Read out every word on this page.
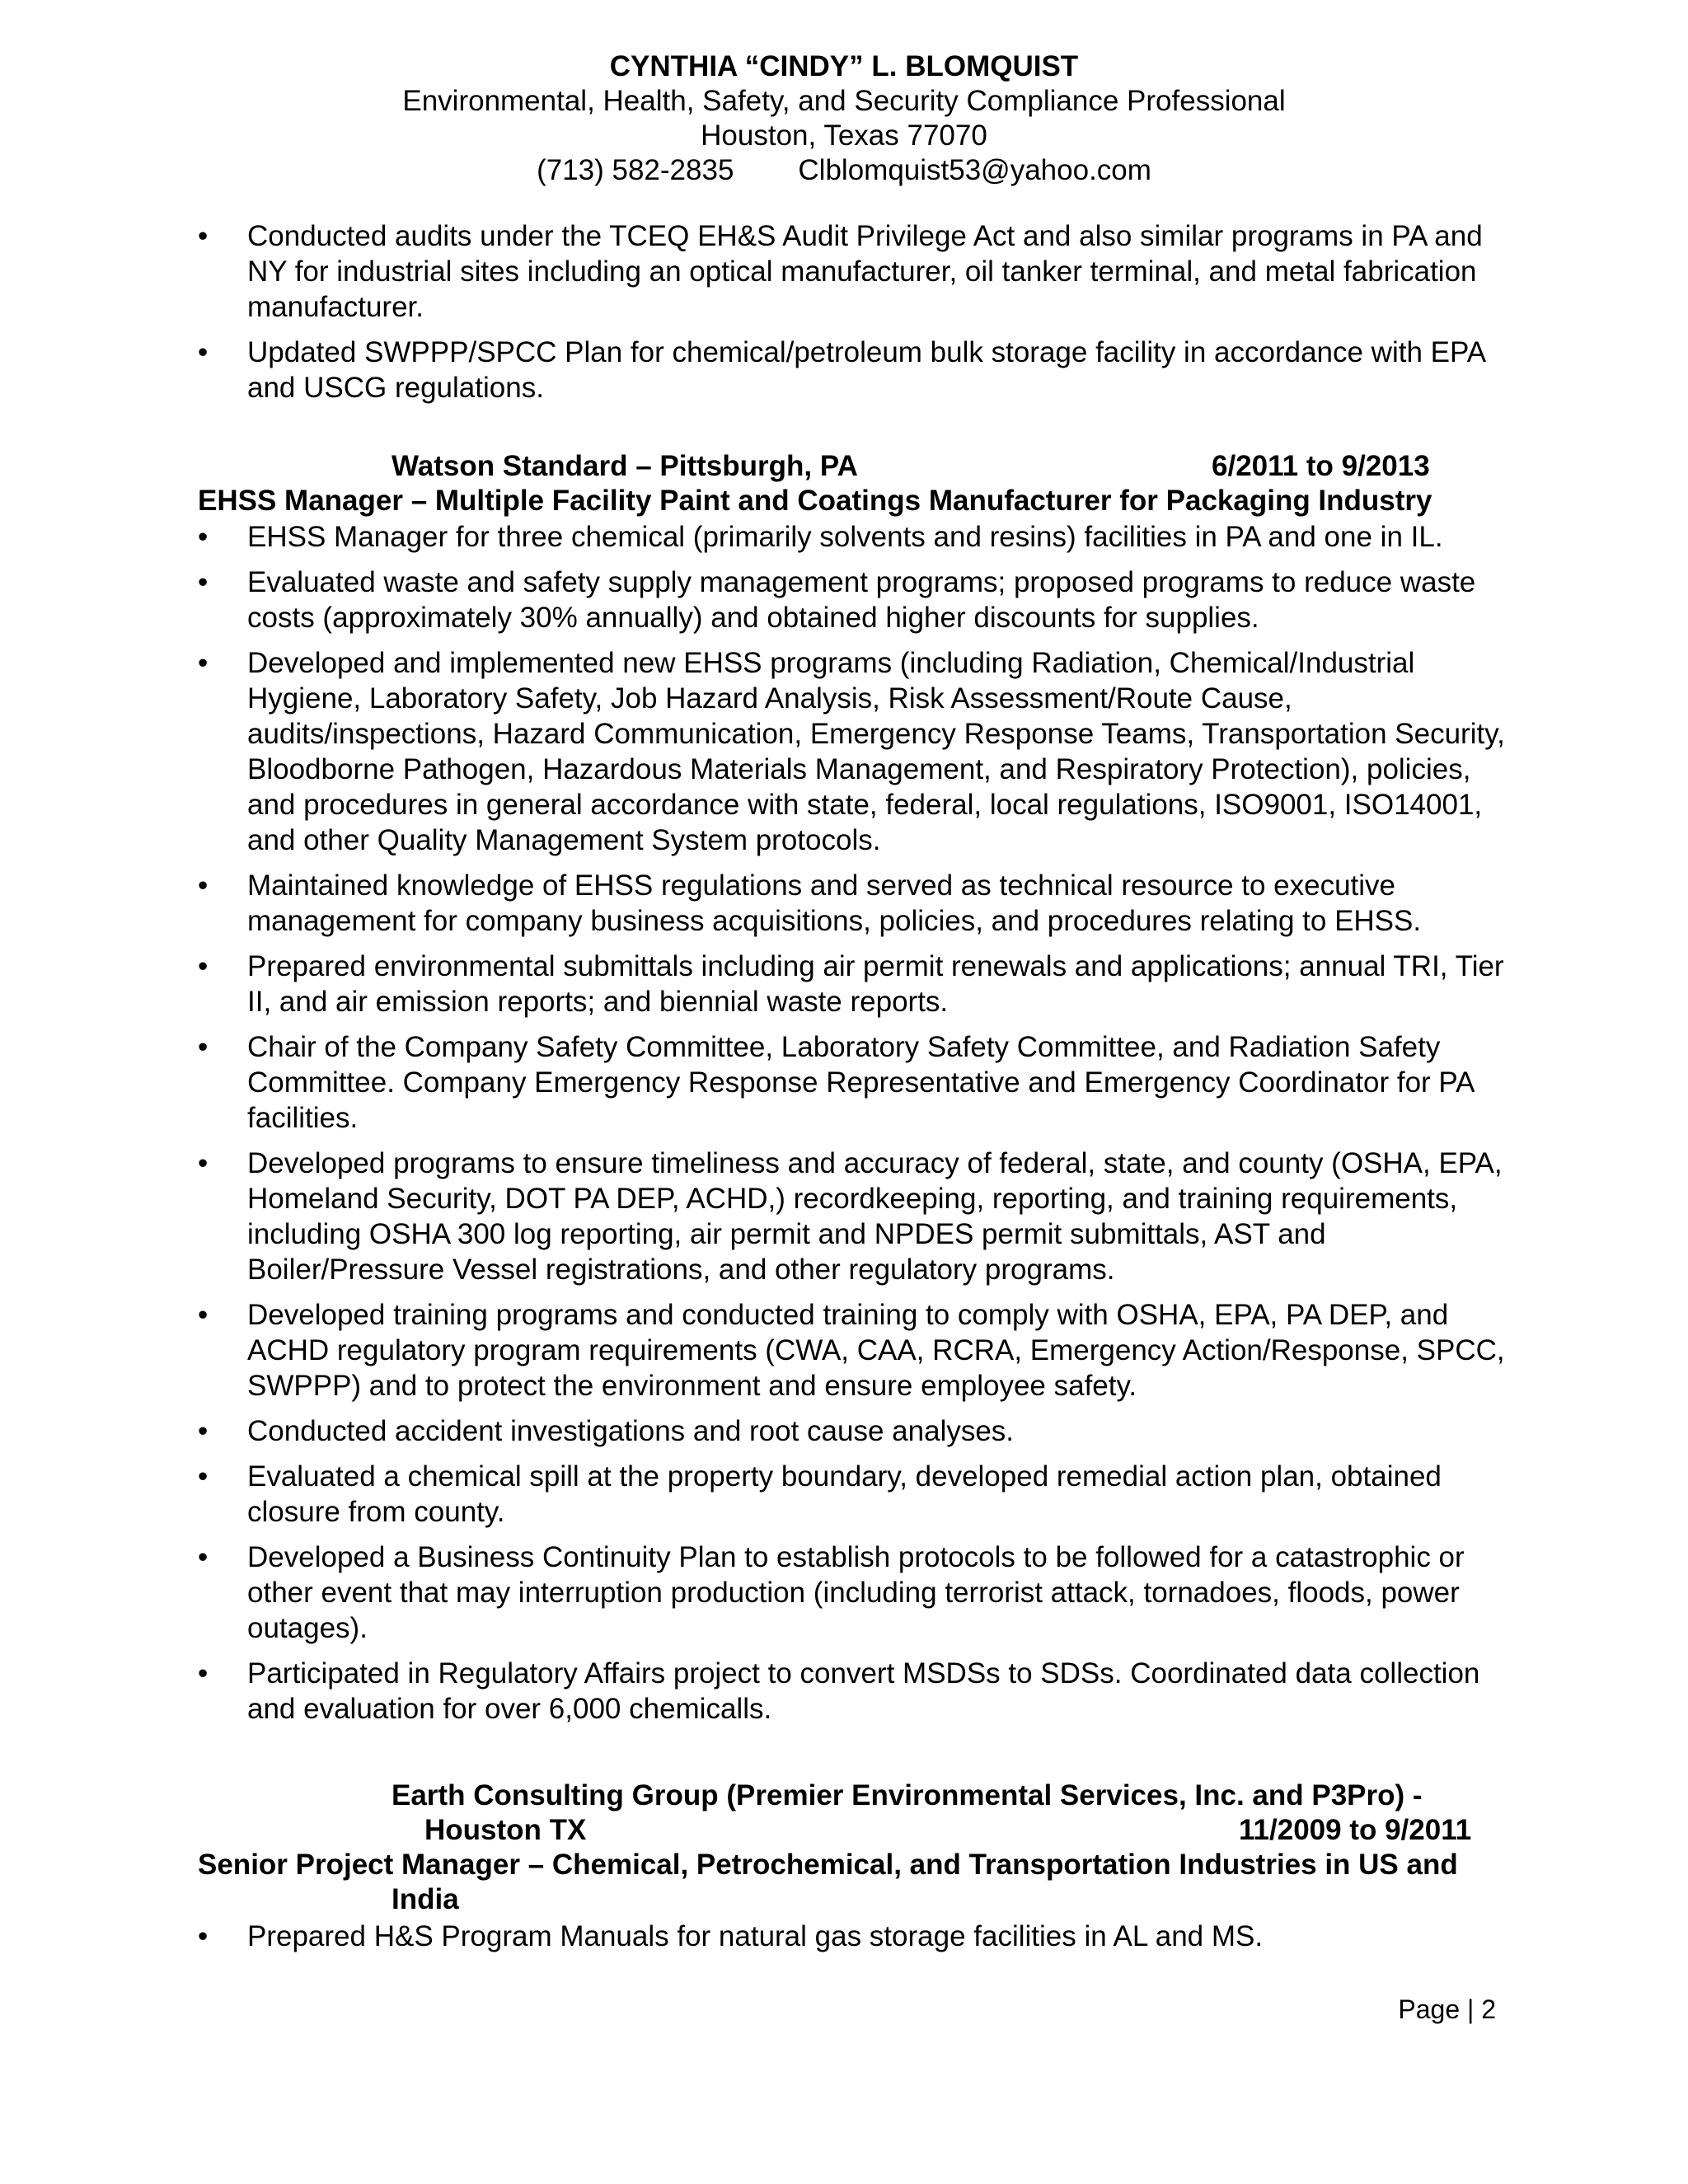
CYNTHIA “CINDY” L. BLOMQUIST
Environmental, Health, Safety, and Security Compliance Professional
Houston, Texas 77070
(713) 582-2835 Clblomquist53@yahoo.com
• Conducted audits under the TCEQ EH&S Audit Privilege Act and also similar programs in PA and NY for industrial sites including an optical manufacturer, oil tanker terminal, and metal fabrication manufacturer.
• Updated SWPPP/SPCC Plan for chemical/petroleum bulk storage facility in accordance with EPA and USCG regulations.
Watson Standard – Pittsburgh, PA	6/2011 to 9/2013
EHSS Manager – Multiple Facility Paint and Coatings Manufacturer for Packaging Industry
• EHSS Manager for three chemical (primarily solvents and resins) facilities in PA and one in IL.
• Evaluated waste and safety supply management programs; proposed programs to reduce waste costs (approximately 30% annually) and obtained higher discounts for supplies.
• Developed and implemented new EHSS programs (including Radiation, Chemical/Industrial Hygiene, Laboratory Safety, Job Hazard Analysis, Risk Assessment/Route Cause, audits/inspections, Hazard Communication, Emergency Response Teams, Transportation Security, Bloodborne Pathogen, Hazardous Materials Management, and Respiratory Protection), policies, and procedures in general accordance with state, federal, local regulations, ISO9001, ISO14001, and other Quality Management System protocols.
• Maintained knowledge of EHSS regulations and served as technical resource to executive management for company business acquisitions, policies, and procedures relating to EHSS.
• Prepared environmental submittals including air permit renewals and applications; annual TRI, Tier II, and air emission reports; and biennial waste reports.
• Chair of the Company Safety Committee, Laboratory Safety Committee, and Radiation Safety Committee. Company Emergency Response Representative and Emergency Coordinator for PA facilities.
• Developed programs to ensure timeliness and accuracy of federal, state, and county (OSHA, EPA, Homeland Security, DOT PA DEP, ACHD,) recordkeeping, reporting, and training requirements, including OSHA 300 log reporting, air permit and NPDES permit submittals, AST and Boiler/Pressure Vessel registrations, and other regulatory programs.
• Developed training programs and conducted training to comply with OSHA, EPA, PA DEP, and ACHD regulatory program requirements (CWA, CAA, RCRA, Emergency Action/Response, SPCC, SWPPP) and to protect the environment and ensure employee safety.
• Conducted accident investigations and root cause analyses.
• Evaluated a chemical spill at the property boundary, developed remedial action plan, obtained closure from county.
• Developed a Business Continuity Plan to establish protocols to be followed for a catastrophic or other event that may interruption production (including terrorist attack, tornadoes, floods, power outages).
• Participated in Regulatory Affairs project to convert MSDSs to SDSs. Coordinated data collection and evaluation for over 6,000 chemicalls.
Earth Consulting Group (Premier Environmental Services, Inc. and P3Pro) -
Houston TX	11/2009 to 9/2011
Senior Project Manager – Chemical, Petrochemical, and Transportation Industries in US and
India
• Prepared H&S Program Manuals for natural gas storage facilities in AL and MS.
Page | 2
